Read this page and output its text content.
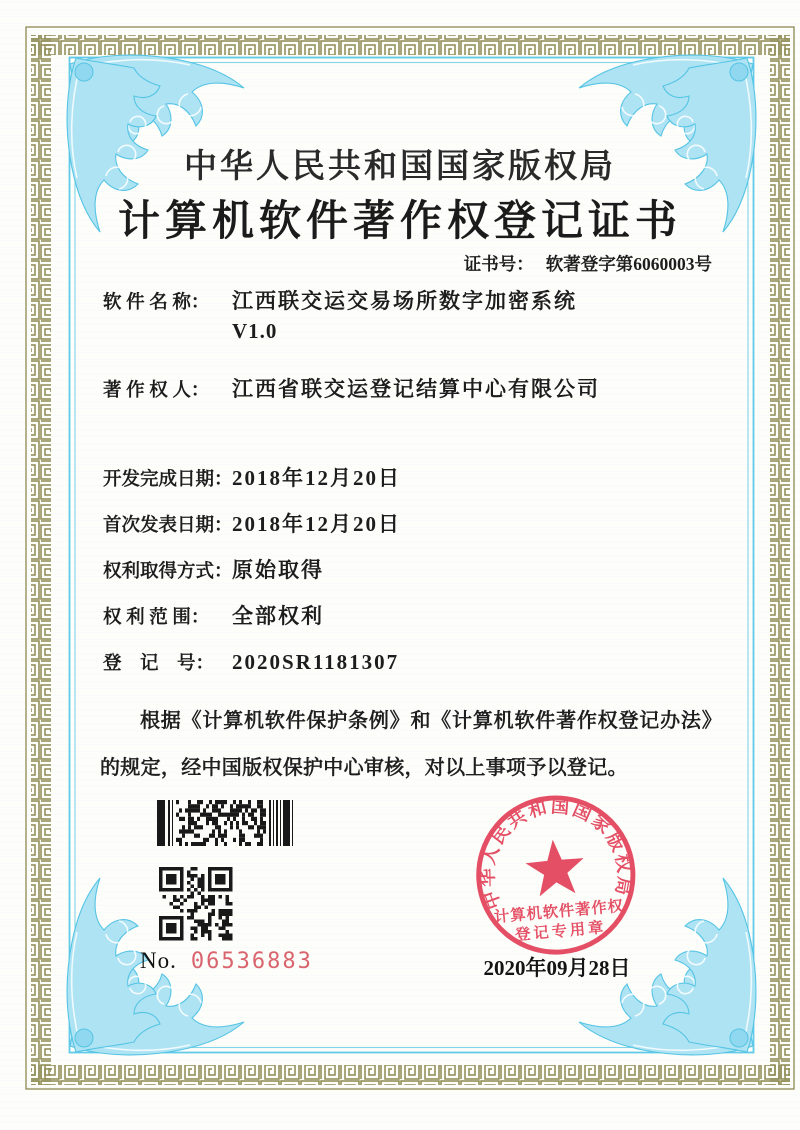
中华人民共和国国家版权局
计算机软件著作权登记证书
证书号： 软著登字第6060003号
软 件 名 称：	江西联交运交易场所数字加密系统
V1.0
著 作 权 人：	江西省联交运登记结算中心有限公司
开发完成日期： 2018年12月20日
首次发表日期： 2018年12月20日
权利取得方式： 原始取得
权 利 范 围：	全部权利
登　记　号： 2020SR1181307
根据《计算机软件保护条例》和《计算机软件著作权登记办法》的规定，经中国版权保护中心审核，对以上事项予以登记。
No. 06536883
中华人民共和国国家版权局
计算机软件著作权
登记专用章
2020年09月28日
